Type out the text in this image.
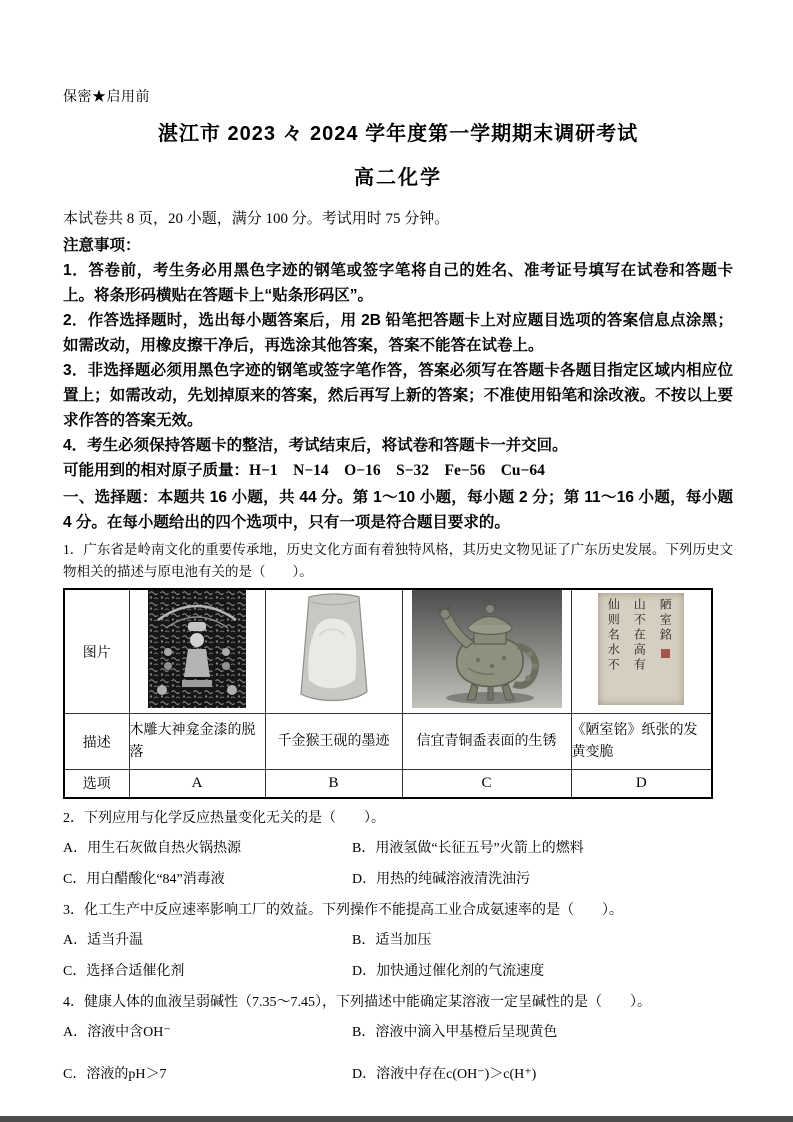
保密★启用前
湛江市 2023 々 2024 学年度第一学期期末调研考试
高二化学

本试卷共 8 页，20 小题，满分 100 分。考试用时 75 分钟。

注意事项：

1．答卷前，考生务必用黑色字迹的钢笔或签字笔将自己的姓名、准考证号填写在试卷和答题卡上。将条形码横贴在答题卡上“贴条形码区”。

2．作答选择题时，选出每小题答案后，用 2B 铅笔把答题卡上对应题目选项的答案信息点涂黑；如需改动，用橡皮擦干净后，再选涂其他答案，答案不能答在试卷上。

3．非选择题必须用黑色字迹的钢笔或签字笔作答，答案必须写在答题卡各题目指定区域内相应位置上；如需改动，先划掉原来的答案，然后再写上新的答案；不准使用铅笔和涂改液。不按以上要求作答的答案无效。

4．考生必须保持答题卡的整洁，考试结束后，将试卷和答题卡一并交回。

可能用到的相对原子质量：H−1　N−14　O−16　S−32　Fe−56　Cu−64

一、选择题：本题共 16 小题，共 44 分。第 1～10 小题，每小题 2 分；第 11～16 小题，每小题 4 分。在每小题给出的四个选项中，只有一项是符合题目要求的。

1．广东省是岭南文化的重要传承地，历史文化方面有着独特风格，其历史文物见证了广东历史发展。下列历史文物相关的描述与原电池有关的是（　　）。

图片				陋室銘
山不在高有
仙则名水不

描述	木雕大神龛金漆的脱落	千金猴王砚的墨迹	信宜青铜盉表面的生锈	《陋室铭》纸张的发黄变脆
选项	A	B	C	D

2．下列应用与化学反应热量变化无关的是（　　）。

A．用生石灰做自热火锅热源	B．用液氢做“长征五号”火箭上的燃料
C．用白醋酸化“84”消毒液	D．用热的纯碱溶液清洗油污

3．化工生产中反应速率影响工厂的效益。下列操作不能提高工业合成氨速率的是（　　）。

A．适当升温	B．适当加压
C．选择合适催化剂	D．加快通过催化剂的气流速度

4．健康人体的血液呈弱碱性（7.35～7.45），下列描述中能确定某溶液一定呈碱性的是（　　）。

A．溶液中含OH⁻	B．溶液中滴入甲基橙后呈现黄色
C．溶液的pH＞7	D．溶液中存在c(OH⁻)＞c(H⁺)
